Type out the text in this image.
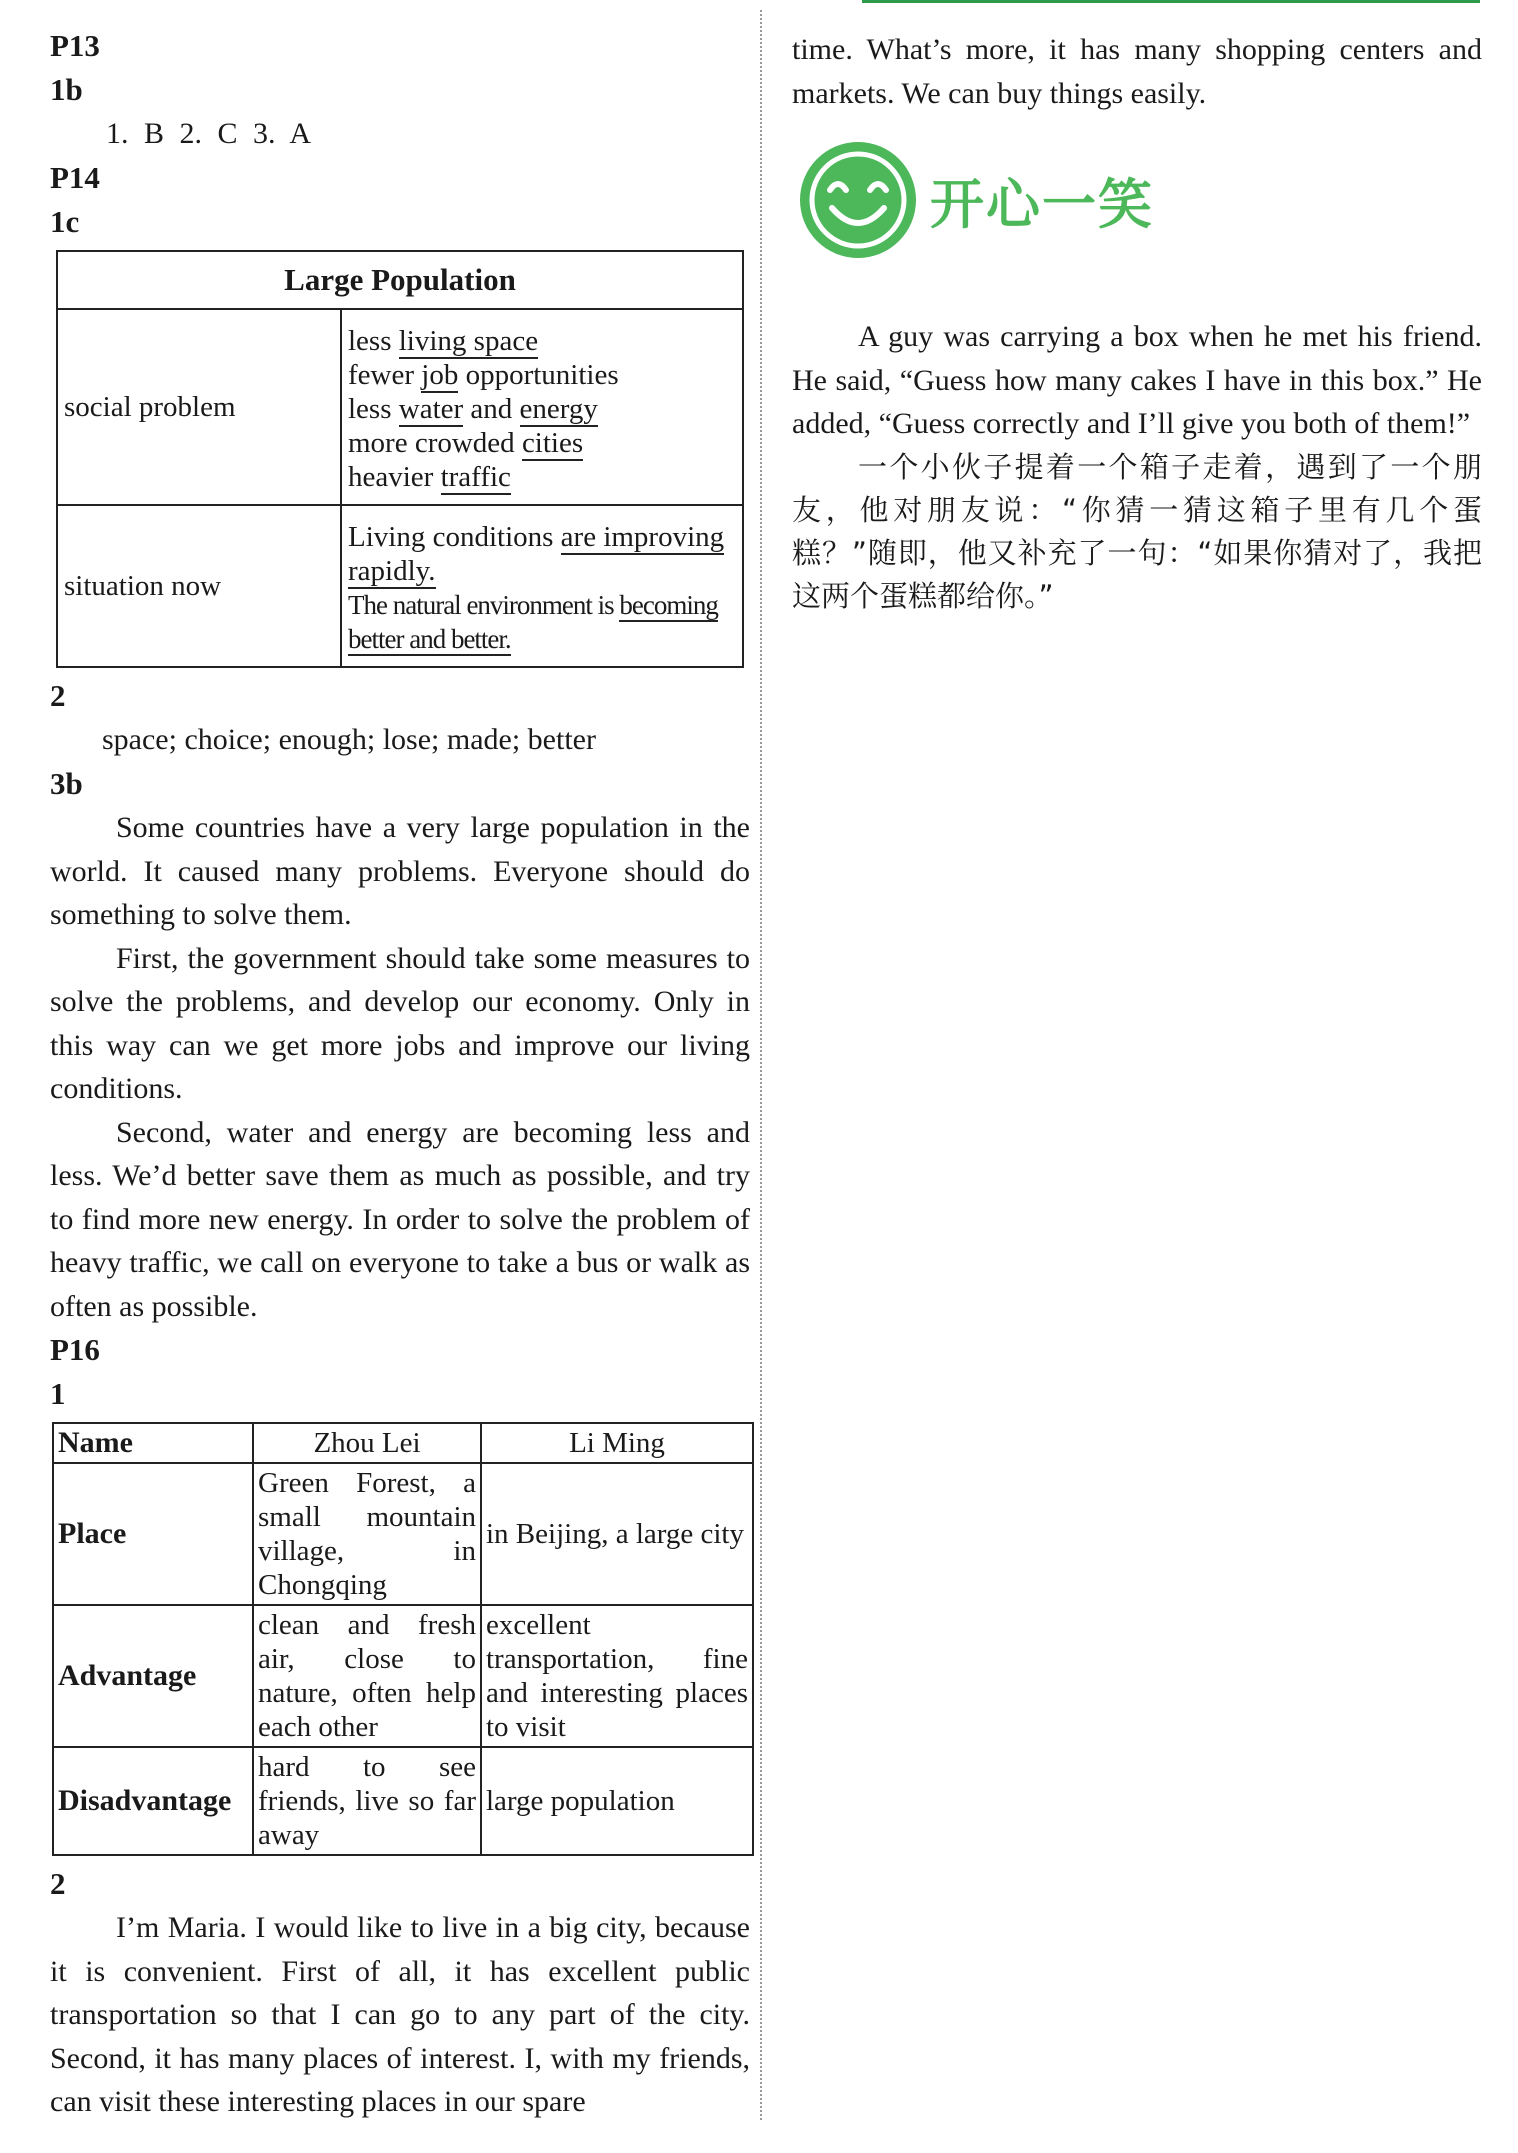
P13

1b

1. B 2. C 3. A

P14

1c

Large Population	
social problem	less living space
fewer job opportunities
less water and energy
more crowded cities
heavier traffic

situation now	Living conditions are improving
rapidly.
The natural environment is becoming
better and better.

2

space; choice; enough; lose; made; better

3b

Some countries have a very large population in the world. It caused many problems. Everyone should do something to solve them.

First, the government should take some measures to solve the problems, and develop our economy. Only in this way can we get more jobs and improve our living conditions.

Second, water and energy are becoming less and less. We’d better save them as much as possible, and try to find more new energy. In order to solve the problem of heavy traffic, we call on everyone to take a bus or walk as often as possible.

P16

1

Name	Zhou Lei	Li Ming
Place	Green Forest, a small mountain village, in Chongqing	in Beijing, a large city
Advantage	clean and fresh air, close to nature, often help each other	excellent transportation, fine and interesting places to visit
Disadvantage	hard to see friends, live so far away	large population

2

I’m Maria. I would like to live in a big city, because it is convenient. First of all, it has excellent public transportation so that I can go to any part of the city. Second, it has many places of interest. I, with my friends, can visit these interesting places in our spare

time. What’s more, it has many shopping centers and markets. We can buy things easily.

开心一笑

A guy was carrying a box when he met his friend. He said, “Guess how many cakes I have in this box.” He added, “Guess correctly and I’ll give you both of them!”

一个小伙子提着一个箱子走着，遇到了一个朋友，他对朋友说：“你猜一猜这箱子里有几个蛋糕？”随即，他又补充了一句：“如果你猜对了，我把这两个蛋糕都给你。”
